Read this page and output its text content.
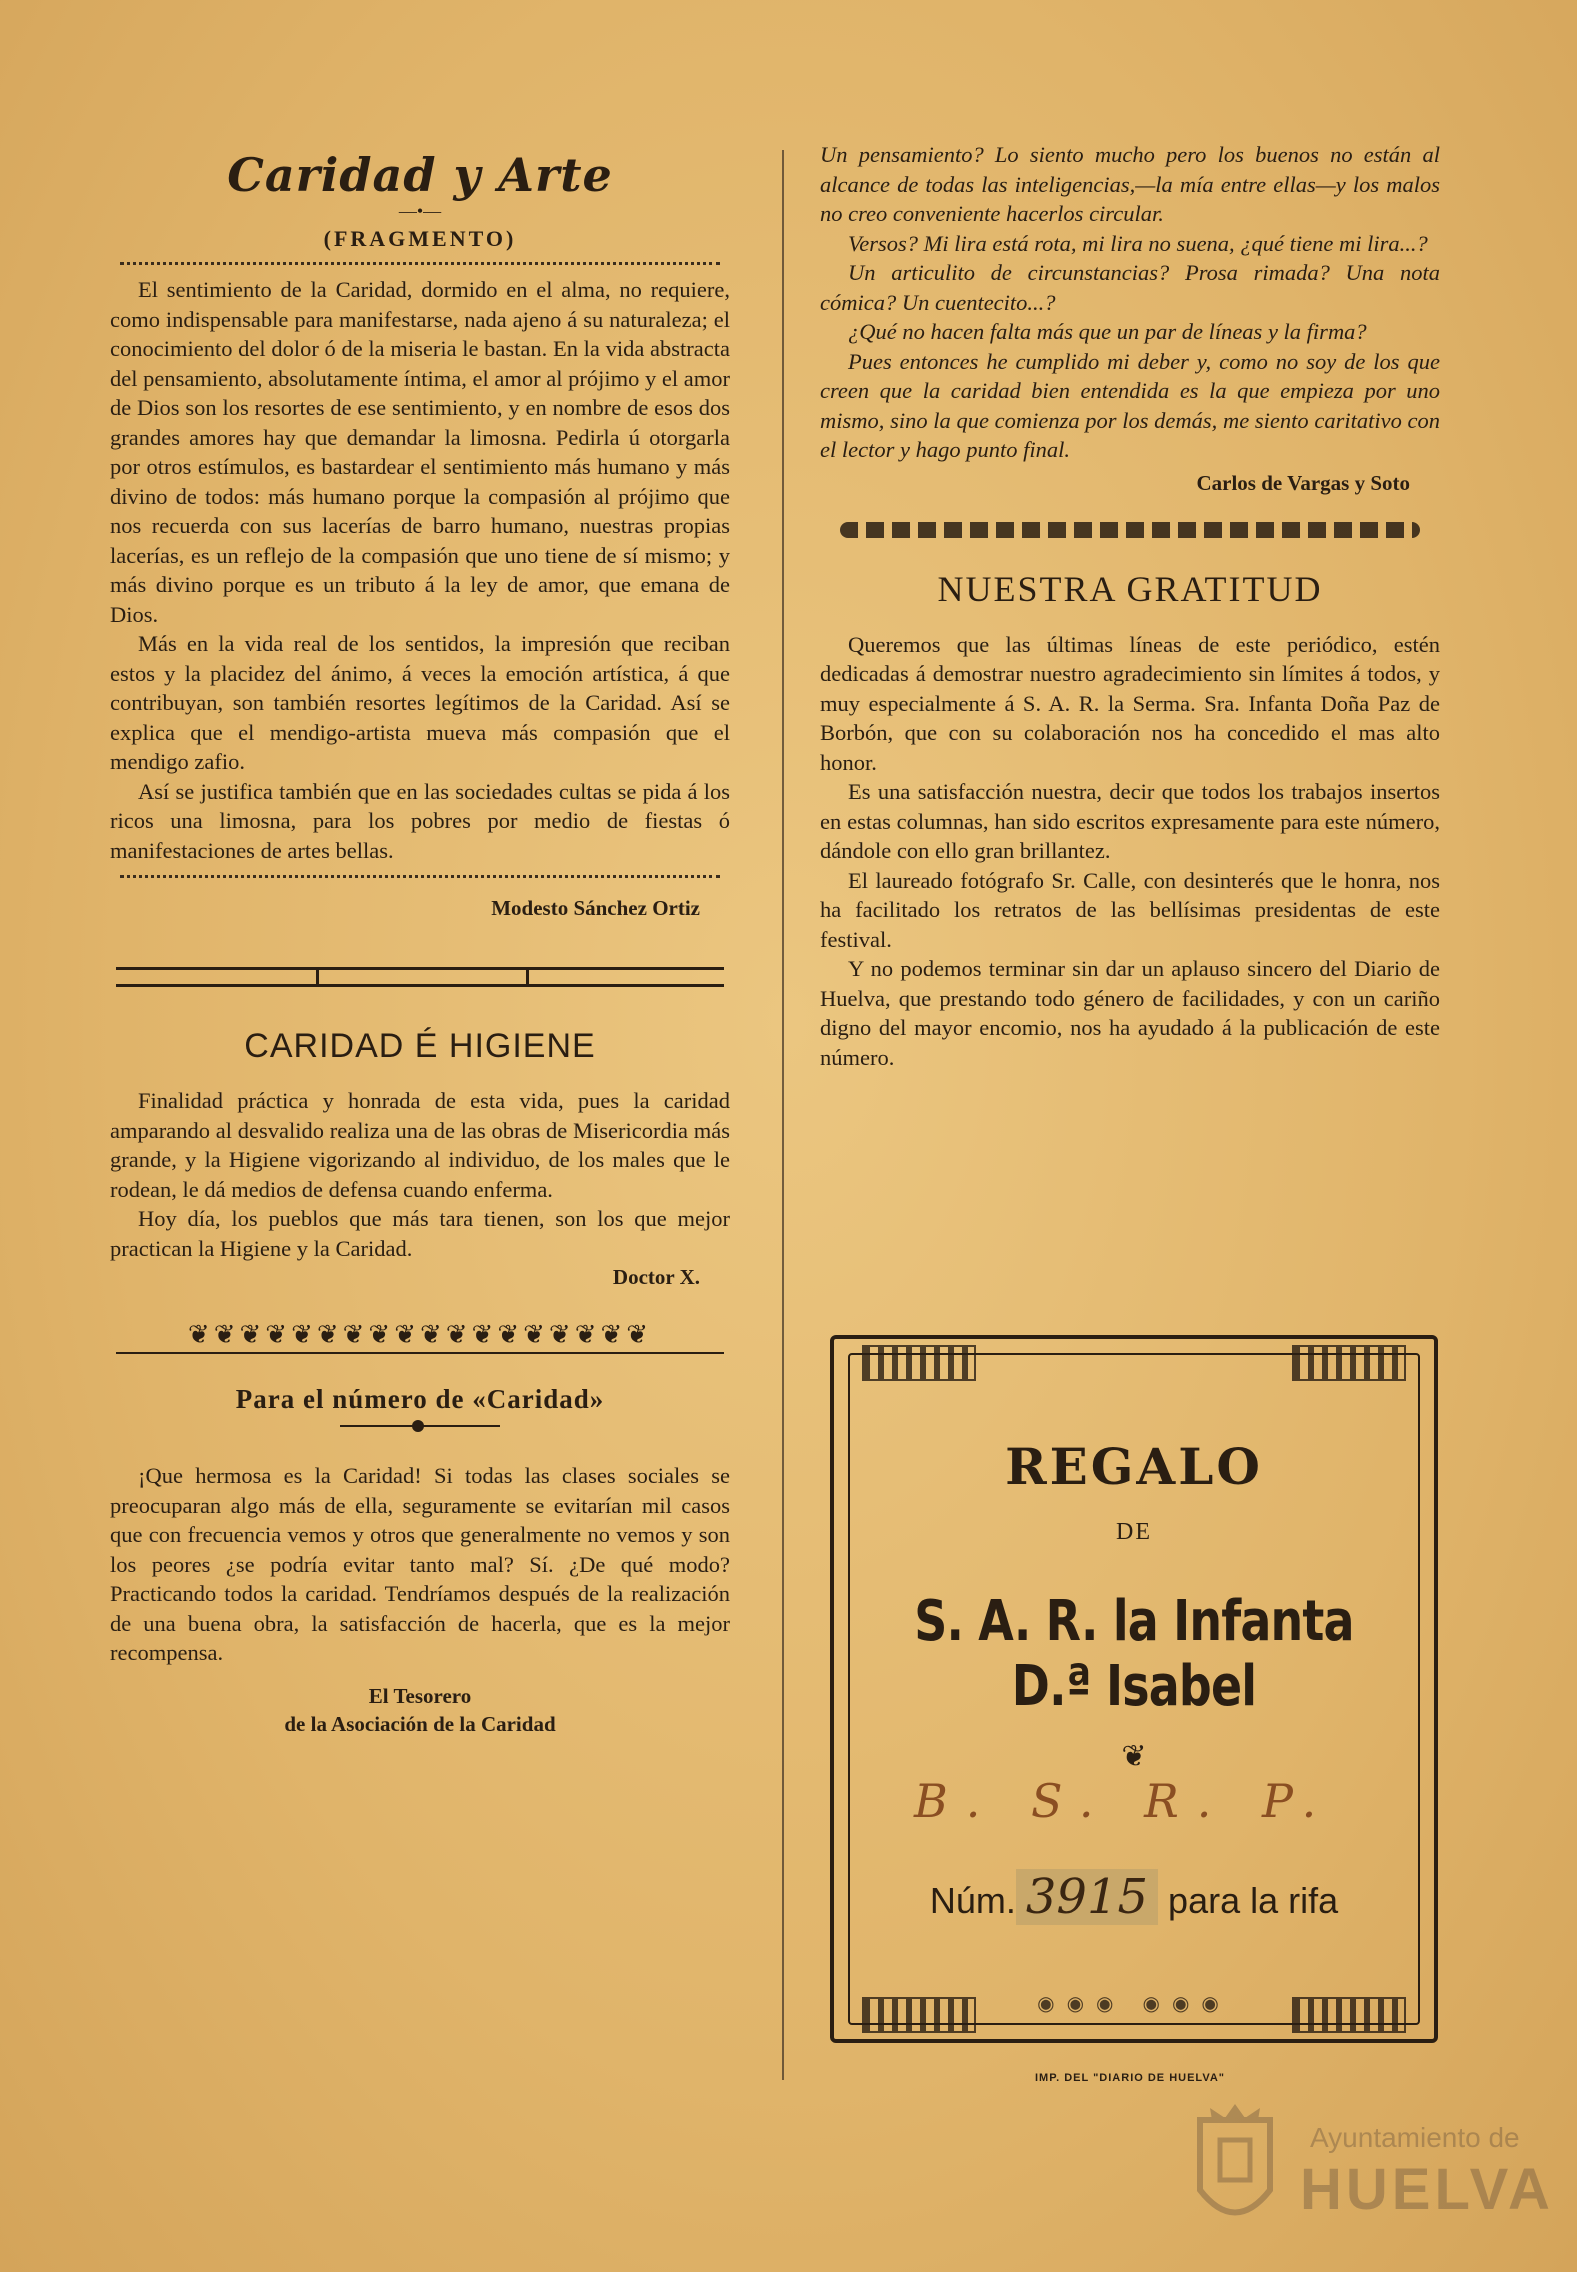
Caridad y Arte
—•—
(FRAGMENTO)

El sentimiento de la Caridad, dormido en el alma, no requiere, como indispensable para manifestarse, nada ajeno á su naturaleza; el conocimiento del dolor ó de la miseria le bastan. En la vida abstracta del pensamiento, absolutamente íntima, el amor al prójimo y el amor de Dios son los resortes de ese sentimiento, y en nombre de esos dos grandes amores hay que demandar la limosna. Pedirla ú otorgarla por otros estímulos, es bastardear el sentimiento más humano y más divino de todos: más humano porque la compasión al prójimo que nos recuerda con sus lacerías de barro humano, nuestras propias lacerías, es un reflejo de la compasión que uno tiene de sí mismo; y más divino porque es un tributo á la ley de amor, que emana de Dios.

Más en la vida real de los sentidos, la impresión que reciban estos y la placidez del ánimo, á veces la emoción artística, á que contribuyan, son también resortes legítimos de la Caridad. Así se explica que el mendigo-artista mueva más compasión que el mendigo zafio.

Así se justifica también que en las sociedades cultas se pida á los ricos una limosna, para los pobres por medio de fiestas ó manifestaciones de artes bellas.

Modesto Sánchez Ortiz
CARIDAD É HIGIENE

Finalidad práctica y honrada de esta vida, pues la caridad amparando al desvalido realiza una de las obras de Misericordia más grande, y la Higiene vigorizando al individuo, de los males que le rodean, le dá medios de defensa cuando enferma.

Hoy día, los pueblos que más tara tienen, son los que mejor practican la Higiene y la Caridad.

Doctor X.
❦❦❦❦❦❦❦❦❦❦❦❦❦❦❦❦❦❦
Para el número de «Caridad»

¡Que hermosa es la Caridad! Si todas las clases sociales se preocuparan algo más de ella, seguramente se evitarían mil casos que con frecuencia vemos y otros que generalmente no vemos y son los peores ¿se podría evitar tanto mal? Sí. ¿De qué modo? Practicando todos la caridad. Tendríamos después de la realización de una buena obra, la satisfacción de hacerla, que es la mejor recompensa.

El Tesorero
de la Asociación de la Caridad

Un pensamiento? Lo siento mucho pero los buenos no están al alcance de todas las inteligencias,—la mía entre ellas—y los malos no creo conveniente hacerlos circular.

Versos? Mi lira está rota, mi lira no suena, ¿qué tiene mi lira...?

Un articulito de circunstancias? Prosa rimada? Una nota cómica? Un cuentecito...?

¿Qué no hacen falta más que un par de líneas y la firma?

Pues entonces he cumplido mi deber y, como no soy de los que creen que la caridad bien entendida es la que empieza por uno mismo, sino la que comienza por los demás, me siento caritativo con el lector y hago punto final.

Carlos de Vargas y Soto
NUESTRA GRATITUD

Queremos que las últimas líneas de este periódico, estén dedicadas á demostrar nuestro agradecimiento sin límites á todos, y muy especialmente á S. A. R. la Serma. Sra. Infanta Doña Paz de Borbón, que con su colaboración nos ha concedido el mas alto honor.

Es una satisfacción nuestra, decir que todos los trabajos insertos en estas columnas, han sido escritos expresamente para este número, dándole con ello gran brillantez.

El laureado fotógrafo Sr. Calle, con desinterés que le honra, nos ha facilitado los retratos de las bellísimas presidentas de este festival.

Y no podemos terminar sin dar un aplauso sincero del Diario de Huelva, que prestando todo género de facilidades, y con un cariño digno del mayor encomio, nos ha ayudado á la publicación de este número.

REGALO
DE
S. A. R. la Infanta D.ª Isabel
❦
B. S. R. P.
Núm. 3915 para la rifa
◉◉◉ ◉◉◉
IMP. DEL "DIARIO DE HUELVA"
Ayuntamiento de
HUELVA
